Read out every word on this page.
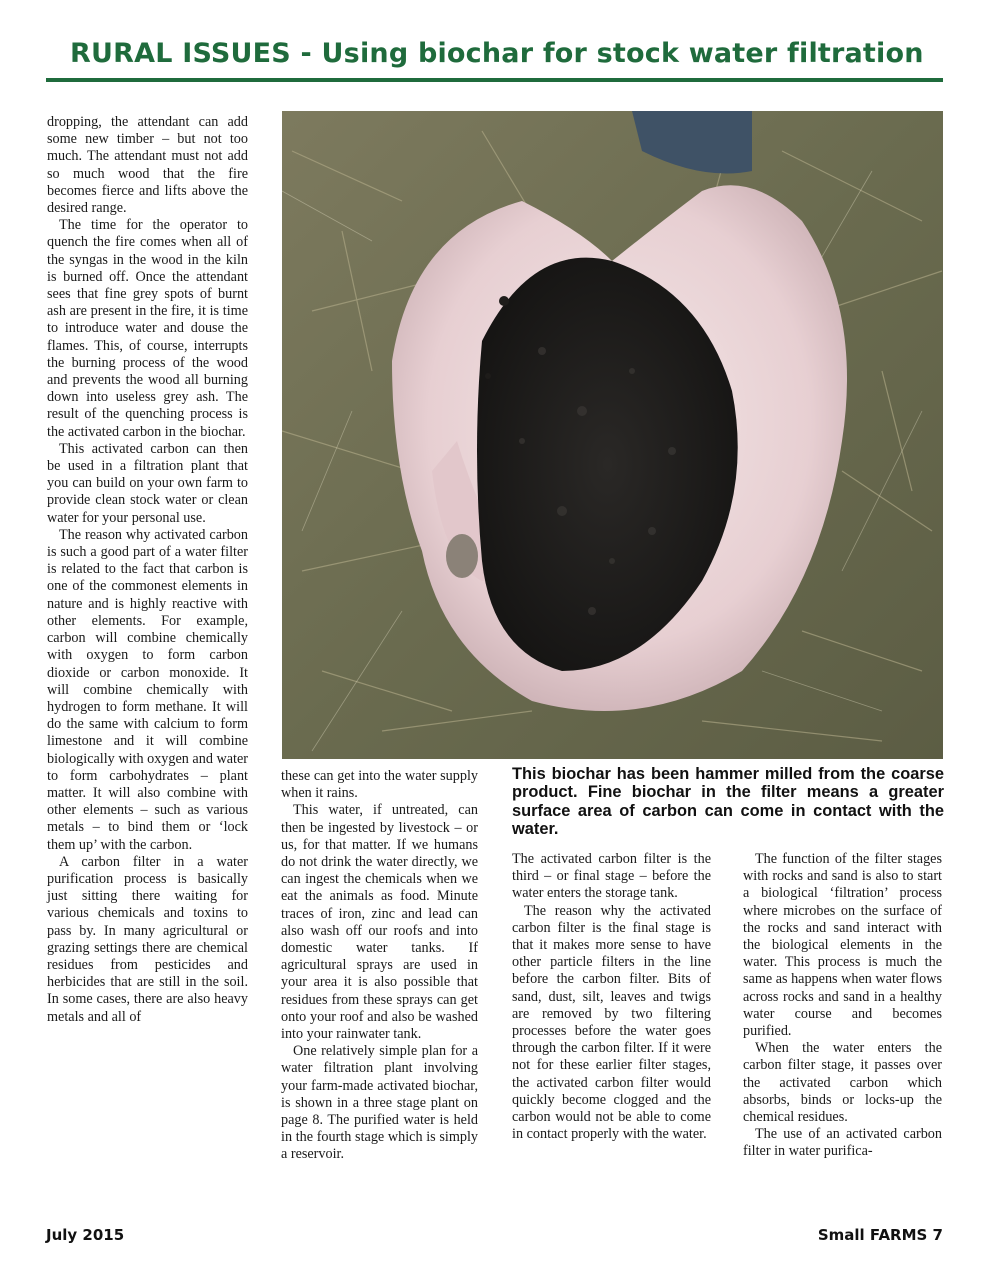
RURAL ISSUES - Using biochar for stock water filtration

dropping, the attendant can add some new timber – but not too much. The attendant must not add so much wood that the fire becomes fierce and lifts above the desired range.

The time for the operator to quench the fire comes when all of the syngas in the wood in the kiln is burned off. Once the attendant sees that fine grey spots of burnt ash are present in the fire, it is time to introduce water and douse the flames. This, of course, interrupts the burning process of the wood and prevents the wood all burning down into useless grey ash. The result of the quenching process is the activated carbon in the biochar.

This activated carbon can then be used in a filtration plant that you can build on your own farm to provide clean stock water or clean water for your personal use.

The reason why activated carbon is such a good part of a water filter is related to the fact that carbon is one of the commonest elements in nature and is highly reactive with other elements. For example, carbon will combine chemically with oxygen to form carbon dioxide or carbon monoxide. It will combine chemically with hydrogen to form methane. It will do the same with calcium to form limestone and it will combine biologically with oxygen and water to form carbohydrates – plant matter. It will also combine with other elements – such as various metals – to bind them or ‘lock them up’ with the carbon.

A carbon filter in a water purification process is basically just sitting there waiting for various chemicals and toxins to pass by. In many agricultural or grazing settings there are chemical residues from pesticides and herbicides that are still in the soil. In some cases, there are also heavy metals and all of

This biochar has been hammer milled from the coarse product. Fine biochar in the filter means a greater surface area of carbon can come in contact with the water.

these can get into the water supply when it rains.

This water, if untreated, can then be ingested by livestock – or us, for that matter. If we humans do not drink the water directly, we can ingest the chemicals when we eat the animals as food. Minute traces of iron, zinc and lead can also wash off our roofs and into domestic water tanks. If agricultural sprays are used in your area it is also possible that residues from these sprays can get onto your roof and also be washed into your rainwater tank.

One relatively simple plan for a water filtration plant involving your farm-made activated biochar, is shown in a three stage plant on page 8. The purified water is held in the fourth stage which is simply a reservoir.

The activated carbon filter is the third – or final stage – before the water enters the storage tank.

The reason why the activated carbon filter is the final stage is that it makes more sense to have other particle filters in the line before the carbon filter. Bits of sand, dust, silt, leaves and twigs are removed by two filtering processes before the water goes through the carbon filter. If it were not for these earlier filter stages, the activated carbon filter would quickly become clogged and the carbon would not be able to come in contact properly with the water.

The function of the filter stages with rocks and sand is also to start a biological ‘filtration’ process where microbes on the surface of the rocks and sand interact with the biological elements in the water. This process is much the same as happens when water flows across rocks and sand in a healthy water course and becomes purified.

When the water enters the carbon filter stage, it passes over the activated carbon which absorbs, binds or locks-up the chemical residues.

The use of an activated carbon filter in water purifica-

July 2015	Small FARMS 7
